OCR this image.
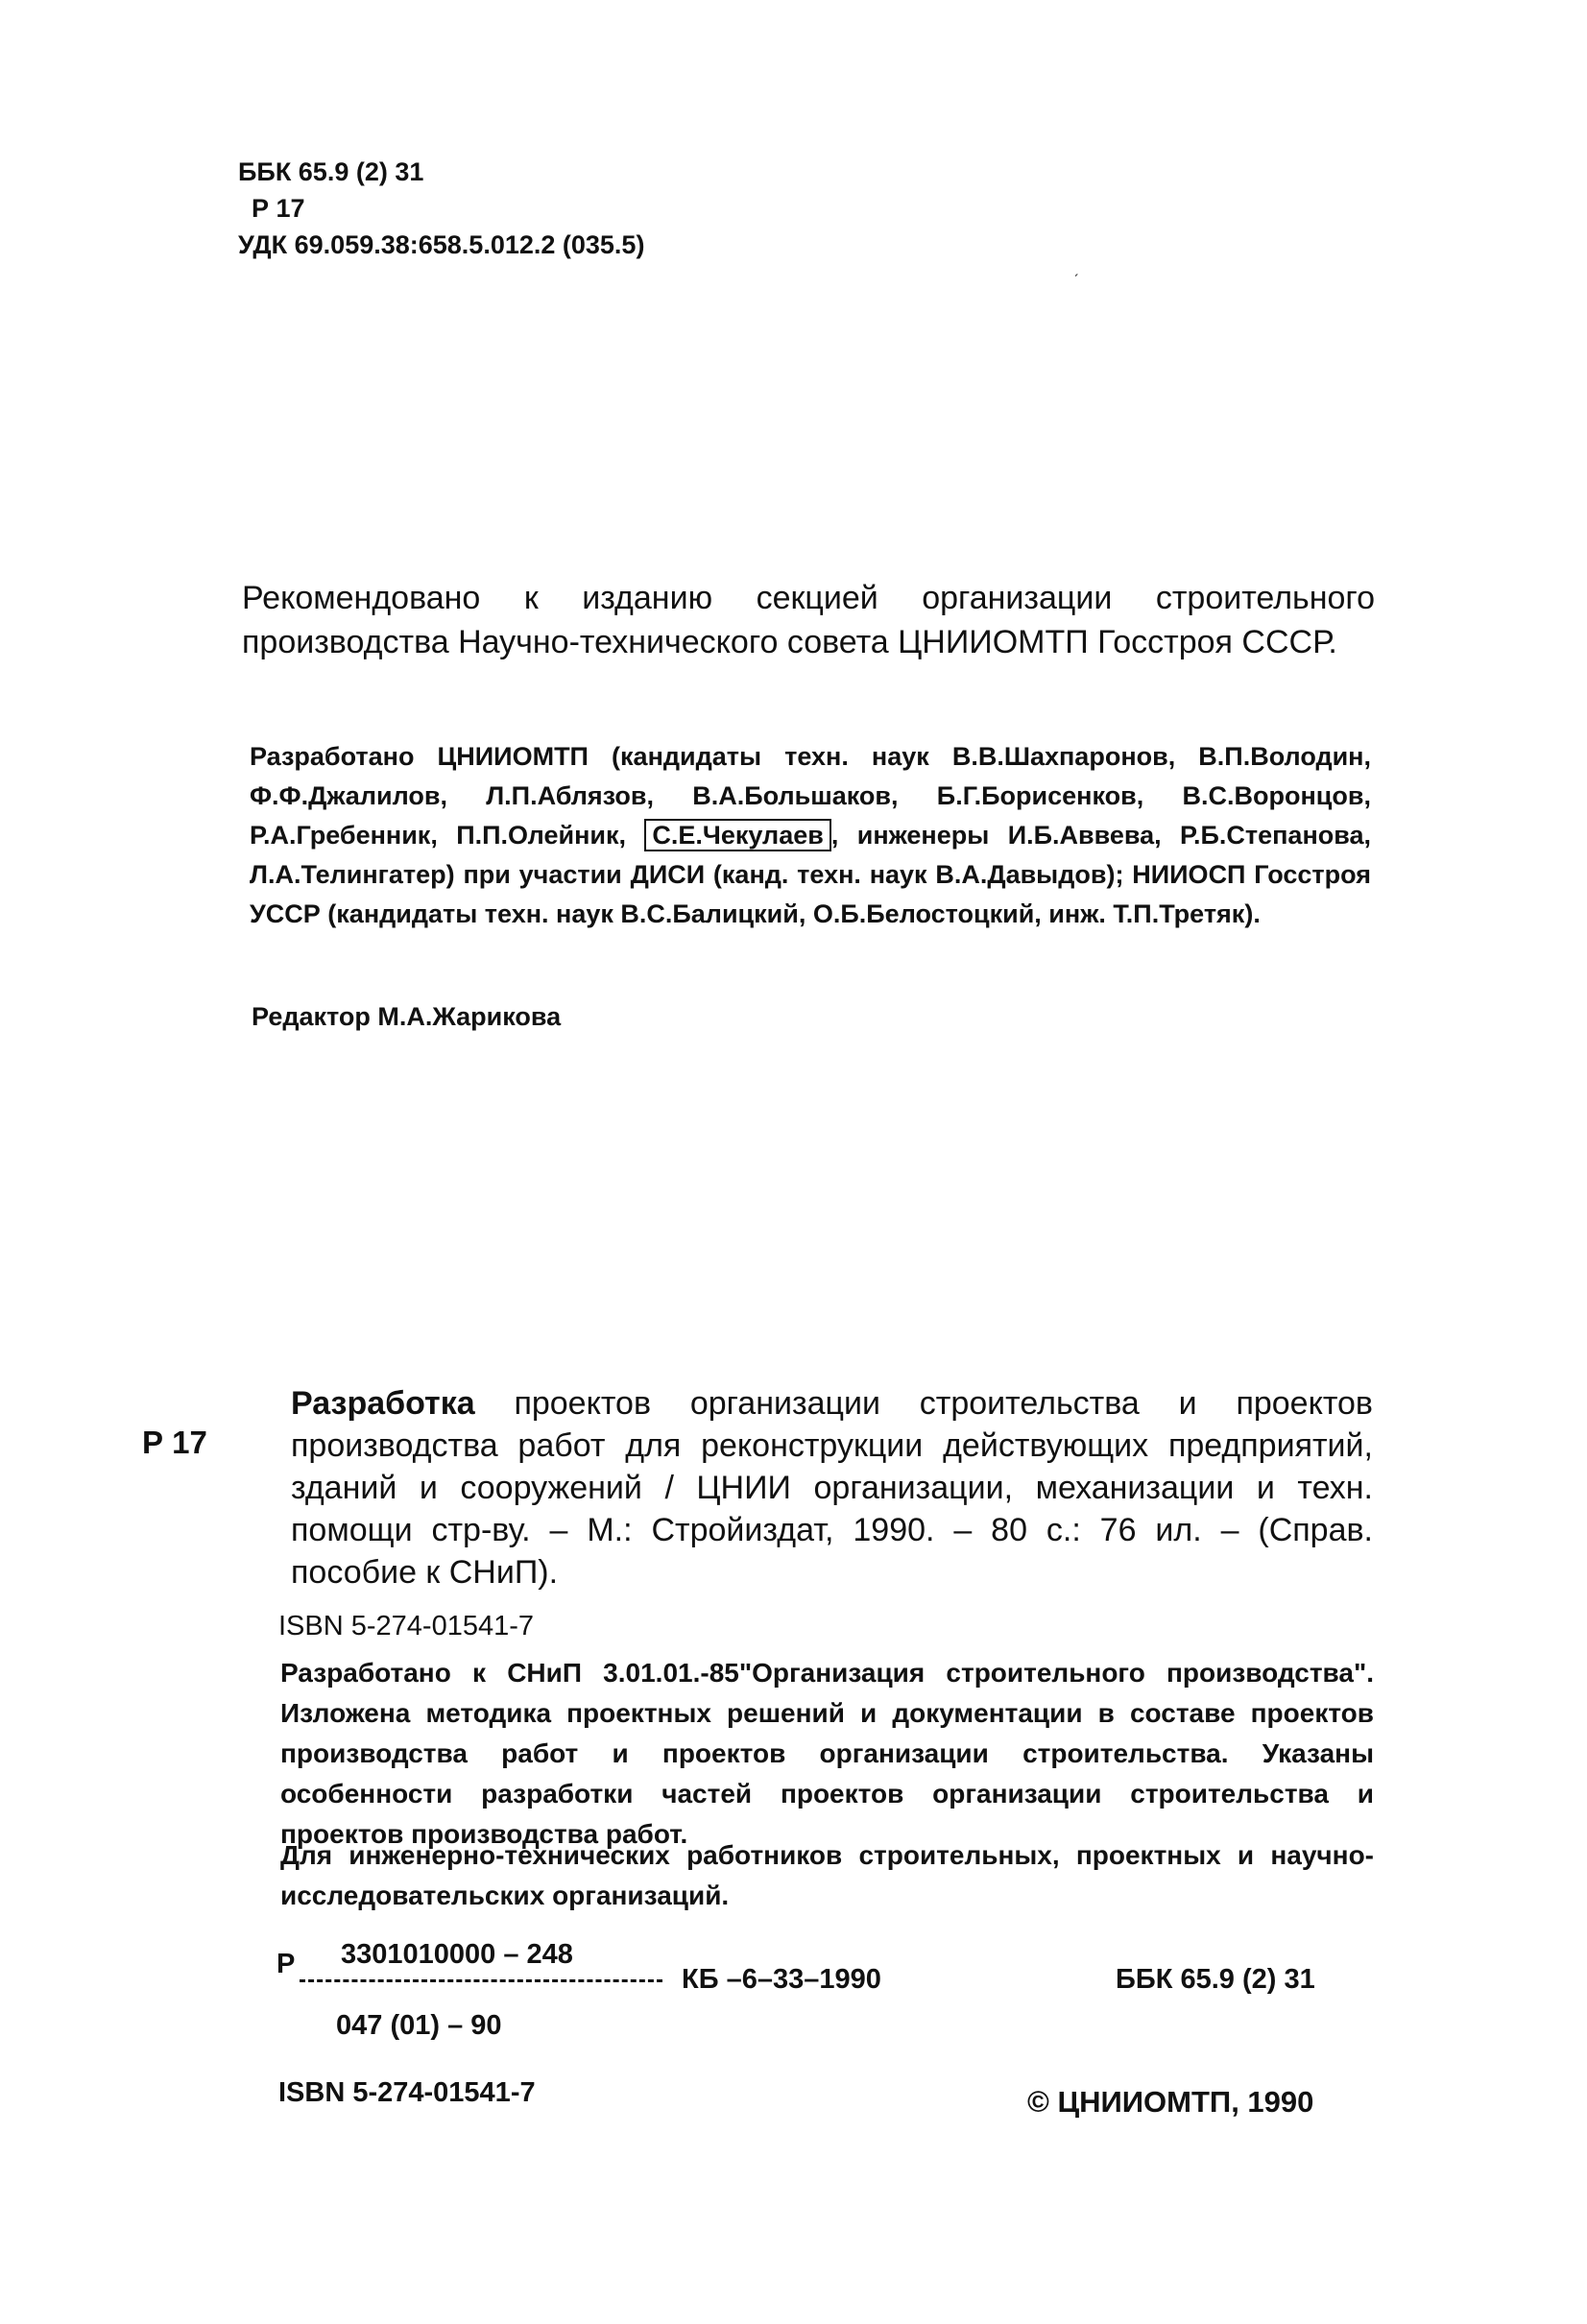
ББК 65.9 (2) 31
Р 17
УДК 69.059.38:658.5.012.2 (035.5)
ˊ
Рекомендовано к изданию секцией организации строительного производства Научно-технического совета ЦНИИОМТП Госстроя СССР.
Разработано ЦНИИОМТП (кандидаты техн. наук В.В.Шахпаронов, В.П.Володин, Ф.Ф.Джалилов, Л.П.Аблязов, В.А.Большаков, Б.Г.Борисенков, В.С.Воронцов, Р.А.Гребенник, П.П.Олейник, С.Е.Чекулаев , инженеры И.Б.Аввева, Р.Б.Степанова, Л.А.Телингатер) при участии ДИСИ (канд. техн. наук В.А.Давыдов); НИИОСП Госстроя УССР (кандидаты техн. наук В.С.Балицкий, О.Б.Белостоцкий, инж. Т.П.Третяк).
Редактор М.А.Жарикова
Р 17
Разработка проектов организации строительства и проектов производства работ для реконструкции действующих предприятий, зданий и сооружений / ЦНИИ организации, механизации и техн. помощи стр-ву. – М.: Стройиздат, 1990. – 80 с.: 76 ил. – (Справ. пособие к СНиП).
ISBN 5-274-01541-7
Разработано к СНиП 3.01.01.-85"Организация строительного производства". Изложена методика проектных решений и документации в составе проектов производства работ и проектов организации строительства. Указаны особенности разработки частей проектов организации строительства и проектов производства работ.
Для инженерно-технических работников строительных, проектных и научно-исследовательских организаций.
Р 3301010000 – 248
КБ –6–33–1990
047 (01) – 90
ББК 65.9 (2) 31
ISBN 5-274-01541-7	© ЦНИИОМТП, 1990
